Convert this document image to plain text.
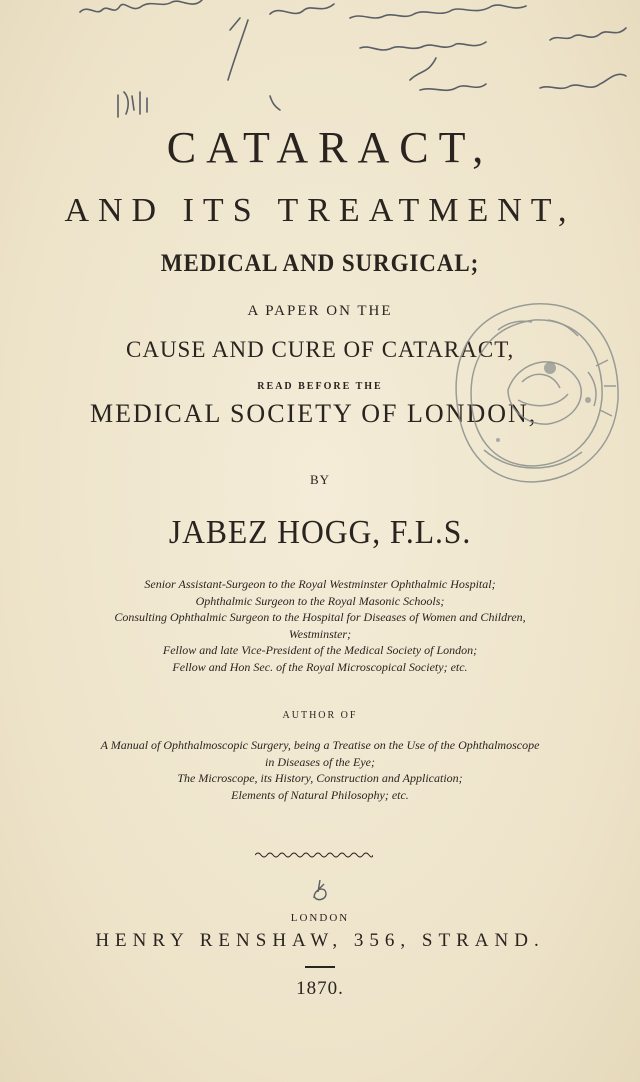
CATARACT,
AND ITS TREATMENT,
MEDICAL AND SURGICAL;
A PAPER ON THE
CAUSE AND CURE OF CATARACT,
READ BEFORE THE
MEDICAL SOCIETY OF LONDON,
BY
JABEZ HOGG, F.L.S.
Senior Assistant-Surgeon to the Royal Westminster Ophthalmic Hospital;
Ophthalmic Surgeon to the Royal Masonic Schools;
Consulting Ophthalmic Surgeon to the Hospital for Diseases of Women and Children,
Westminster;
Fellow and late Vice-President of the Medical Society of London;
Fellow and Hon Sec. of the Royal Microscopical Society; etc.
AUTHOR OF
A Manual of Ophthalmoscopic Surgery, being a Treatise on the Use of the Ophthalmoscope
in Diseases of the Eye;
The Microscope, its History, Construction and Application;
Elements of Natural Philosophy; etc.
LONDON
HENRY RENSHAW, 356, STRAND.
1870.
